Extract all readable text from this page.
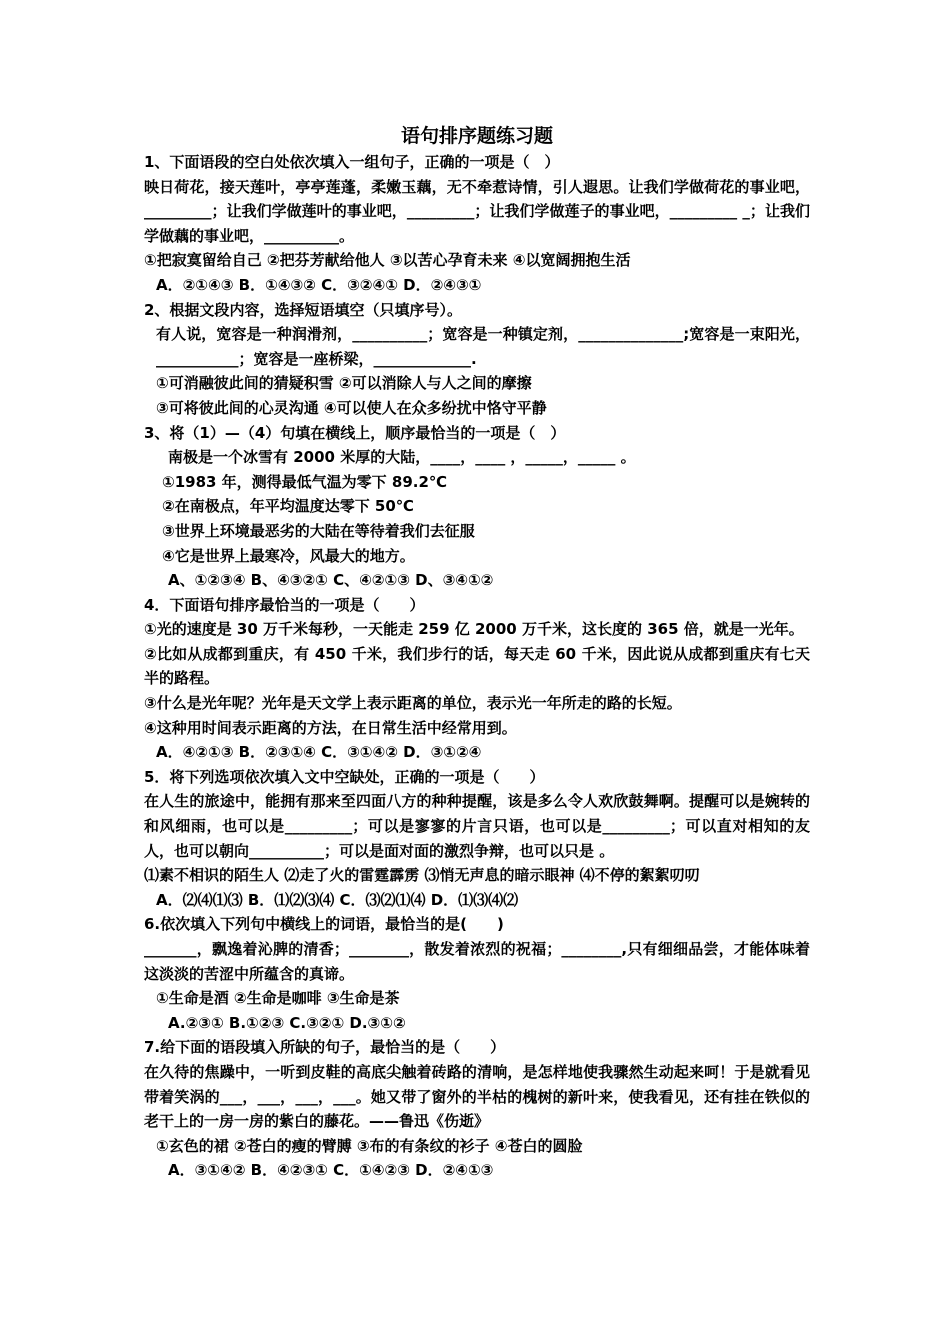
语句排序题练习题

1、下面语段的空白处依次填入一组句子，正确的一项是（　）

映日荷花，接天莲叶，亭亭莲蓬，柔嫩玉藕，无不牵惹诗情，引人遐思。让我们学做荷花的事业吧，_________；让我们学做莲叶的事业吧，_________；让我们学做莲子的事业吧，_________ _；让我们学做藕的事业吧，__________。

①把寂寞留给自己 ②把芬芳献给他人 ③以苦心孕育未来 ④以宽阔拥抱生活

A．②①④③ B．①④③② C．③②④① D．②④③①

2、根据文段内容，选择短语填空（只填序号）。

有人说，宽容是一种润滑剂，__________；宽容是一种镇定剂，______________;宽容是一束阳光，___________；宽容是一座桥梁，_____________.

①可消融彼此间的猜疑积雪 ②可以消除人与人之间的摩擦

③可将彼此间的心灵沟通 ④可以使人在众多纷扰中恪守平静

3、将（1）—（4）句填在横线上，顺序最恰当的一项是（　）

南极是一个冰雪有 2000 米厚的大陆，____，____ ，_____，_____ 。

①1983 年，测得最低气温为零下 89.2℃

②在南极点，年平均温度达零下 50℃

③世界上环境最恶劣的大陆在等待着我们去征服

④它是世界上最寒冷，风最大的地方。

A、①②③④ B、④③②① C、④②①③ D、③④①②

4．下面语句排序最恰当的一项是（　　）

①光的速度是 30 万千米每秒，一天能走 259 亿 2000 万千米，这长度的 365 倍，就是一光年。

②比如从成都到重庆，有 450 千米，我们步行的话，每天走 60 千米，因此说从成都到重庆有七天半的路程。

③什么是光年呢？光年是天文学上表示距离的单位，表示光一年所走的路的长短。

④这种用时间表示距离的方法，在日常生活中经常用到。

A．④②①③ B．②③①④ C．③①④② D．③①②④

5．将下列选项依次填入文中空缺处，正确的一项是（　　）

在人生的旅途中，能拥有那来至四面八方的种种提醒，该是多么令人欢欣鼓舞啊。提醒可以是婉转的和风细雨，也可以是_________；可以是寥寥的片言只语，也可以是_________；可以直对相知的友人，也可以朝向__________；可以是面对面的激烈争辩，也可以只是 。

⑴素不相识的陌生人 ⑵走了火的雷霆霹雳 ⑶悄无声息的暗示眼神 ⑷不停的絮絮叨叨

A．⑵⑷⑴⑶ B．⑴⑵⑶⑷ C．⑶⑵⑴⑷ D．⑴⑶⑷⑵

6.依次填入下列句中横线上的词语，最恰当的是(　　)

_______，飘逸着沁脾的清香；________，散发着浓烈的祝福；________,只有细细品尝，才能体味着这淡淡的苦涩中所蕴含的真谛。

①生命是酒 ②生命是咖啡 ③生命是茶

A.②③① B.①②③ C.③②① D.③①②

7.给下面的语段填入所缺的句子，最恰当的是（　　）

在久待的焦躁中，一听到皮鞋的高底尖触着砖路的清响，是怎样地使我骤然生动起来呵！于是就看见带着笑涡的___，___，___，___。她又带了窗外的半枯的槐树的新叶来，使我看见，还有挂在铁似的老干上的一房一房的紫白的藤花。——鲁迅《伤逝》

①玄色的裙 ②苍白的瘦的臂膊 ③布的有条纹的衫子 ④苍白的圆脸

A．③①④② B．④②③① C．①④②③ D．②④①③
